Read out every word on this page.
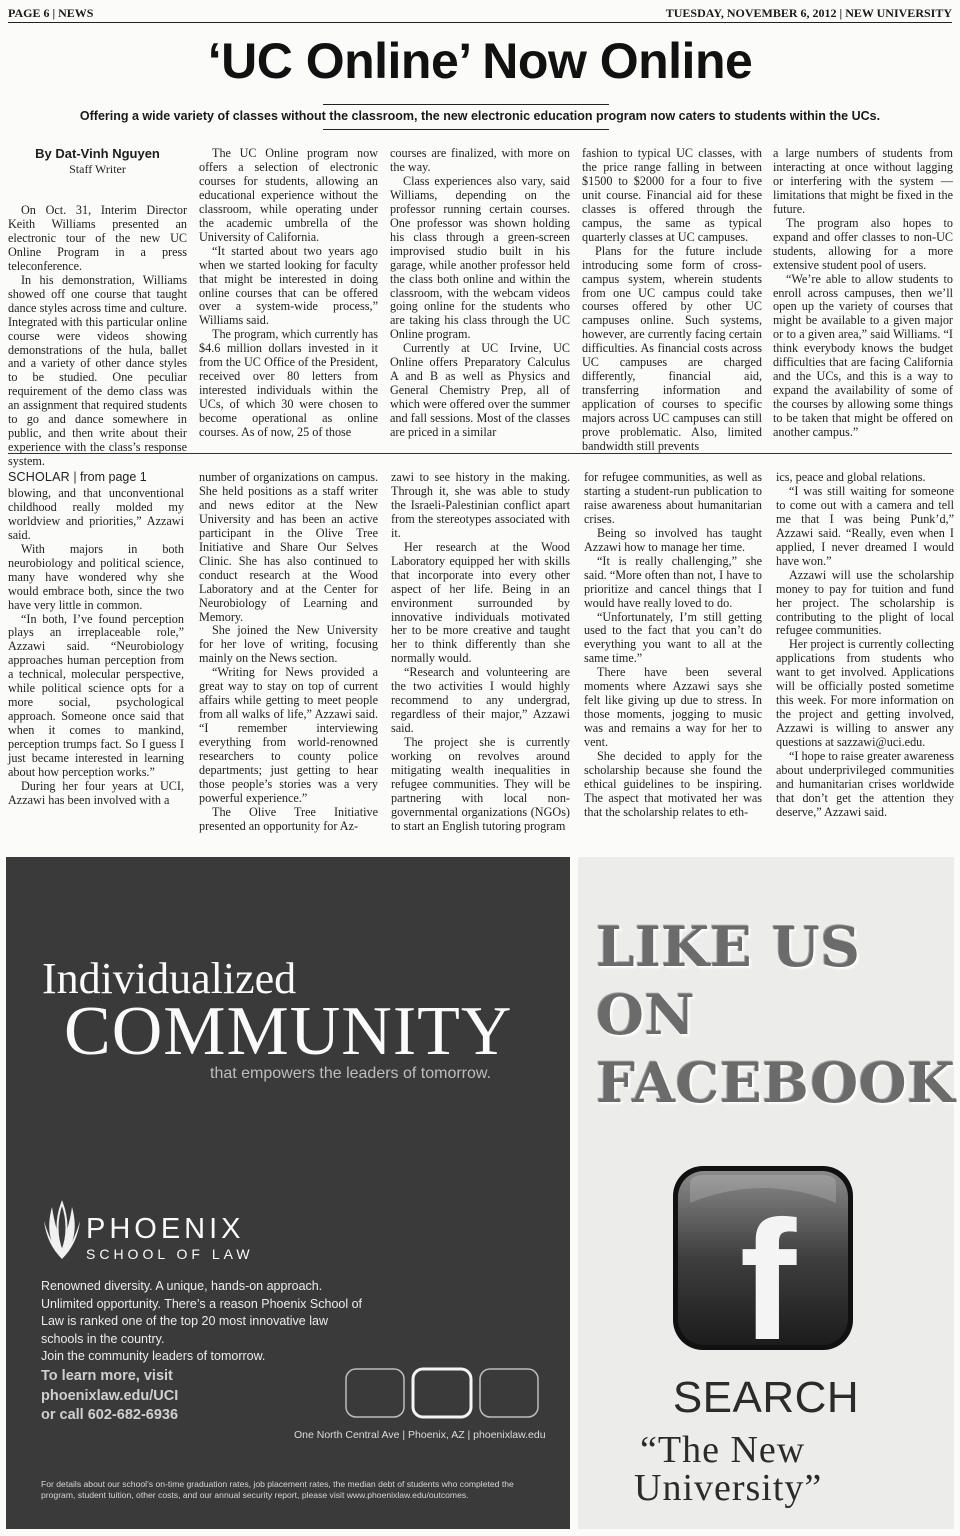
PAGE 6 | NEWS	TUESDAY, NOVEMBER 6, 2012 | NEW UNIVERSITY
‘UC Online’ Now Online
Offering a wide variety of classes without the classroom, the new electronic education program now caters to students within the UCs.
By Dat-Vinh Nguyen
Staff Writer

On Oct. 31, Interim Director Keith Williams presented an electronic tour of the new UC Online Program in a press teleconference.

In his demonstration, Williams showed off one course that taught dance styles across time and culture. Integrated with this particular online course were videos showing demonstrations of the hula, ballet and a variety of other dance styles to be studied. One peculiar requirement of the demo class was an assignment that required students to go and dance somewhere in public, and then write about their experience with the class’s response system.

The UC Online program now offers a selection of electronic courses for students, allowing an educational experience without the classroom, while operating under the academic umbrella of the University of California.

“It started about two years ago when we started looking for faculty that might be interested in doing online courses that can be offered over a system-wide process,” Williams said.

The program, which currently has $4.6 million dollars invested in it from the UC Office of the President, received over 80 letters from interested individuals within the UCs, of which 30 were chosen to become operational as online courses. As of now, 25 of those

courses are finalized, with more on the way.

Class experiences also vary, said Williams, depending on the professor running certain courses. One professor was shown holding his class through a green-screen improvised studio built in his garage, while another professor held the class both online and within the classroom, with the webcam videos going online for the students who are taking his class through the UC Online program.

Currently at UC Irvine, UC Online offers Preparatory Calculus A and B as well as Physics and General Chemistry Prep, all of which were offered over the summer and fall sessions. Most of the classes are priced in a similar

fashion to typical UC classes, with the price range falling in between $1500 to $2000 for a four to five unit course. Financial aid for these classes is offered through the campus, the same as typical quarterly classes at UC campuses.

Plans for the future include introducing some form of cross-campus system, wherein students from one UC campus could take courses offered by other UC campuses online. Such systems, however, are currently facing certain difficulties. As financial costs across UC campuses are charged differently, financial aid, transferring information and application of courses to specific majors across UC campuses can still prove problematic. Also, limited bandwidth still prevents

a large numbers of students from interacting at once without lagging or interfering with the system — limitations that might be fixed in the future.

The program also hopes to expand and offer classes to non-UC students, allowing for a more extensive student pool of users.

“We’re able to allow students to enroll across campuses, then we’ll open up the variety of courses that might be available to a given major or to a given area,” said Williams. “I think everybody knows the budget difficulties that are facing California and the UCs, and this is a way to expand the availability of some of the courses by allowing some things to be taken that might be offered on another campus.”

SCHOLAR | from page 1

blowing, and that unconventional childhood really molded my worldview and priorities,” Azzawi said.

With majors in both neurobiology and political science, many have wondered why she would embrace both, since the two have very little in common.

“In both, I’ve found perception plays an irreplaceable role,” Azzawi said. “Neurobiology approaches human perception from a technical, molecular perspective, while political science opts for a more social, psychological approach. Someone once said that when it comes to mankind, perception trumps fact. So I guess I just became interested in learning about how perception works.”

During her four years at UCI, Azzawi has been involved with a

number of organizations on campus. She held positions as a staff writer and news editor at the New University and has been an active participant in the Olive Tree Initiative and Share Our Selves Clinic. She has also continued to conduct research at the Wood Laboratory and at the Center for Neurobiology of Learning and Memory.

She joined the New University for her love of writing, focusing mainly on the News section.

“Writing for News provided a great way to stay on top of current affairs while getting to meet people from all walks of life,” Azzawi said. “I remember interviewing everything from world-renowned researchers to county police departments; just getting to hear those people’s stories was a very powerful experience.”

The Olive Tree Initiative presented an opportunity for Az-

zawi to see history in the making. Through it, she was able to study the Israeli-Palestinian conflict apart from the stereotypes associated with it.

Her research at the Wood Laboratory equipped her with skills that incorporate into every other aspect of her life. Being in an environment surrounded by innovative individuals motivated her to be more creative and taught her to think differently than she normally would.

“Research and volunteering are the two activities I would highly recommend to any undergrad, regardless of their major,” Azzawi said.

The project she is currently working on revolves around mitigating wealth inequalities in refugee communities. They will be partnering with local non-governmental organizations (NGOs) to start an English tutoring program

for refugee communities, as well as starting a student-run publication to raise awareness about humanitarian crises.

Being so involved has taught Azzawi how to manage her time.

“It is really challenging,” she said. “More often than not, I have to prioritize and cancel things that I would have really loved to do.

“Unfortunately, I’m still getting used to the fact that you can’t do everything you want to all at the same time.”

There have been several moments where Azzawi says she felt like giving up due to stress. In those moments, jogging to music was and remains a way for her to vent.

She decided to apply for the scholarship because she found the ethical guidelines to be inspiring. The aspect that motivated her was that the scholarship relates to eth-

ics, peace and global relations.

“I was still waiting for someone to come out with a camera and tell me that I was being Punk’d,” Azzawi said. “Really, even when I applied, I never dreamed I would have won.”

Azzawi will use the scholarship money to pay for tuition and fund her project. The scholarship is contributing to the plight of local refugee communities.

Her project is currently collecting applications from students who want to get involved. Applications will be officially posted sometime this week. For more information on the project and getting involved, Azzawi is willing to answer any questions at sazzawi@uci.edu.

“I hope to raise greater awareness about underprivileged communities and humanitarian crises worldwide that don’t get the attention they deserve,” Azzawi said.

Individualized
COMMUNITY
that empowers the leaders of tomorrow.
PHOENIX
SCHOOL OF LAW
Renowned diversity. A unique, hands-on approach. Unlimited opportunity. There’s a reason Phoenix School of Law is ranked one of the top 20 most innovative law schools in the country.
Join the community leaders of tomorrow.
To learn more, visit
phoenixlaw.edu/UCI
or call 602-682-6936
One North Central Ave | Phoenix, AZ | phoenixlaw.edu
For details about our school’s on-time graduation rates, job placement rates, the median debt of students who completed the program, student tuition, other costs, and our annual security report, please visit www.phoenixlaw.edu/outcomes.
LIKE US
ON
FACEBOOK
f
SEARCH
“The New
University”
